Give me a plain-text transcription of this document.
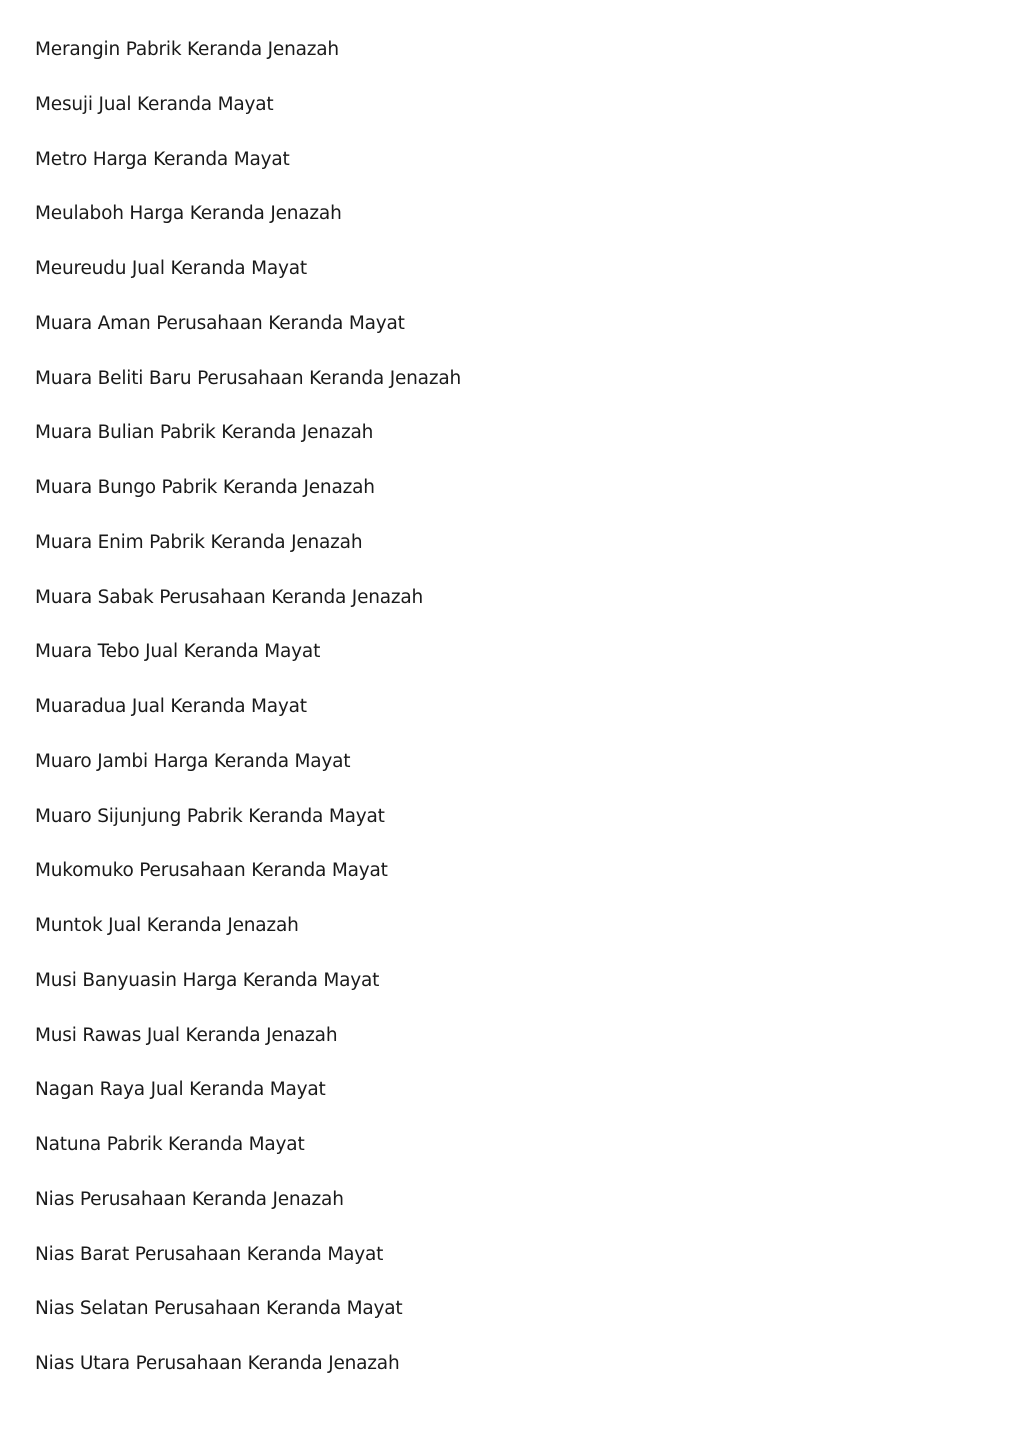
Merangin Pabrik Keranda Jenazah
Mesuji Jual Keranda Mayat
Metro Harga Keranda Mayat
Meulaboh Harga Keranda Jenazah
Meureudu Jual Keranda Mayat
Muara Aman Perusahaan Keranda Mayat
Muara Beliti Baru Perusahaan Keranda Jenazah
Muara Bulian Pabrik Keranda Jenazah
Muara Bungo Pabrik Keranda Jenazah
Muara Enim Pabrik Keranda Jenazah
Muara Sabak Perusahaan Keranda Jenazah
Muara Tebo Jual Keranda Mayat
Muaradua Jual Keranda Mayat
Muaro Jambi Harga Keranda Mayat
Muaro Sijunjung Pabrik Keranda Mayat
Mukomuko Perusahaan Keranda Mayat
Muntok Jual Keranda Jenazah
Musi Banyuasin Harga Keranda Mayat
Musi Rawas Jual Keranda Jenazah
Nagan Raya Jual Keranda Mayat
Natuna Pabrik Keranda Mayat
Nias Perusahaan Keranda Jenazah
Nias Barat Perusahaan Keranda Mayat
Nias Selatan Perusahaan Keranda Mayat
Nias Utara Perusahaan Keranda Jenazah
